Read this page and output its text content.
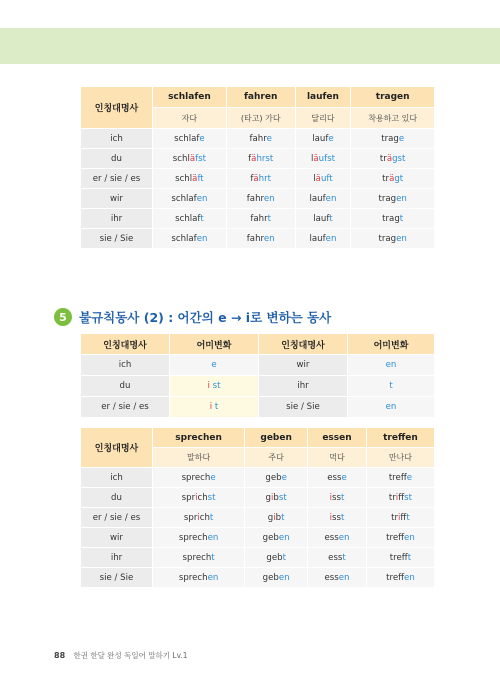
인칭대명사	schlafen	fahren	laufen	tragen
	자다	(타고) 가다	달리다	착용하고 있다
ich	schlafe	fahre	laufe	trage
du	schläfst	fährst	läufst	trägst
er / sie / es	schläft	fährt	läuft	trägt
wir	schlafen	fahren	laufen	tragen
ihr	schlaft	fahrt	lauft	tragt
sie / Sie	schlafen	fahren	laufen	tragen
5 불규칙동사 (2) : 어간의 e → i로 변하는 동사
인칭대명사	어미변화	인칭대명사	어미변화
ich	e	wir	en
du	i st	ihr	t
er / sie / es	i t	sie / Sie	en
인칭대명사	sprechen	geben	essen	treffen
	말하다	주다	먹다	만나다
ich	spreche	gebe	esse	treffe
du	sprichst	gibst	isst	triffst
er / sie / es	spricht	gibt	isst	trifft
wir	sprechen	geben	essen	treffen
ihr	sprecht	gebt	esst	trefft
sie / Sie	sprechen	geben	essen	treffen
88 한권 한달 완성 독일어 말하기 Lv.1
